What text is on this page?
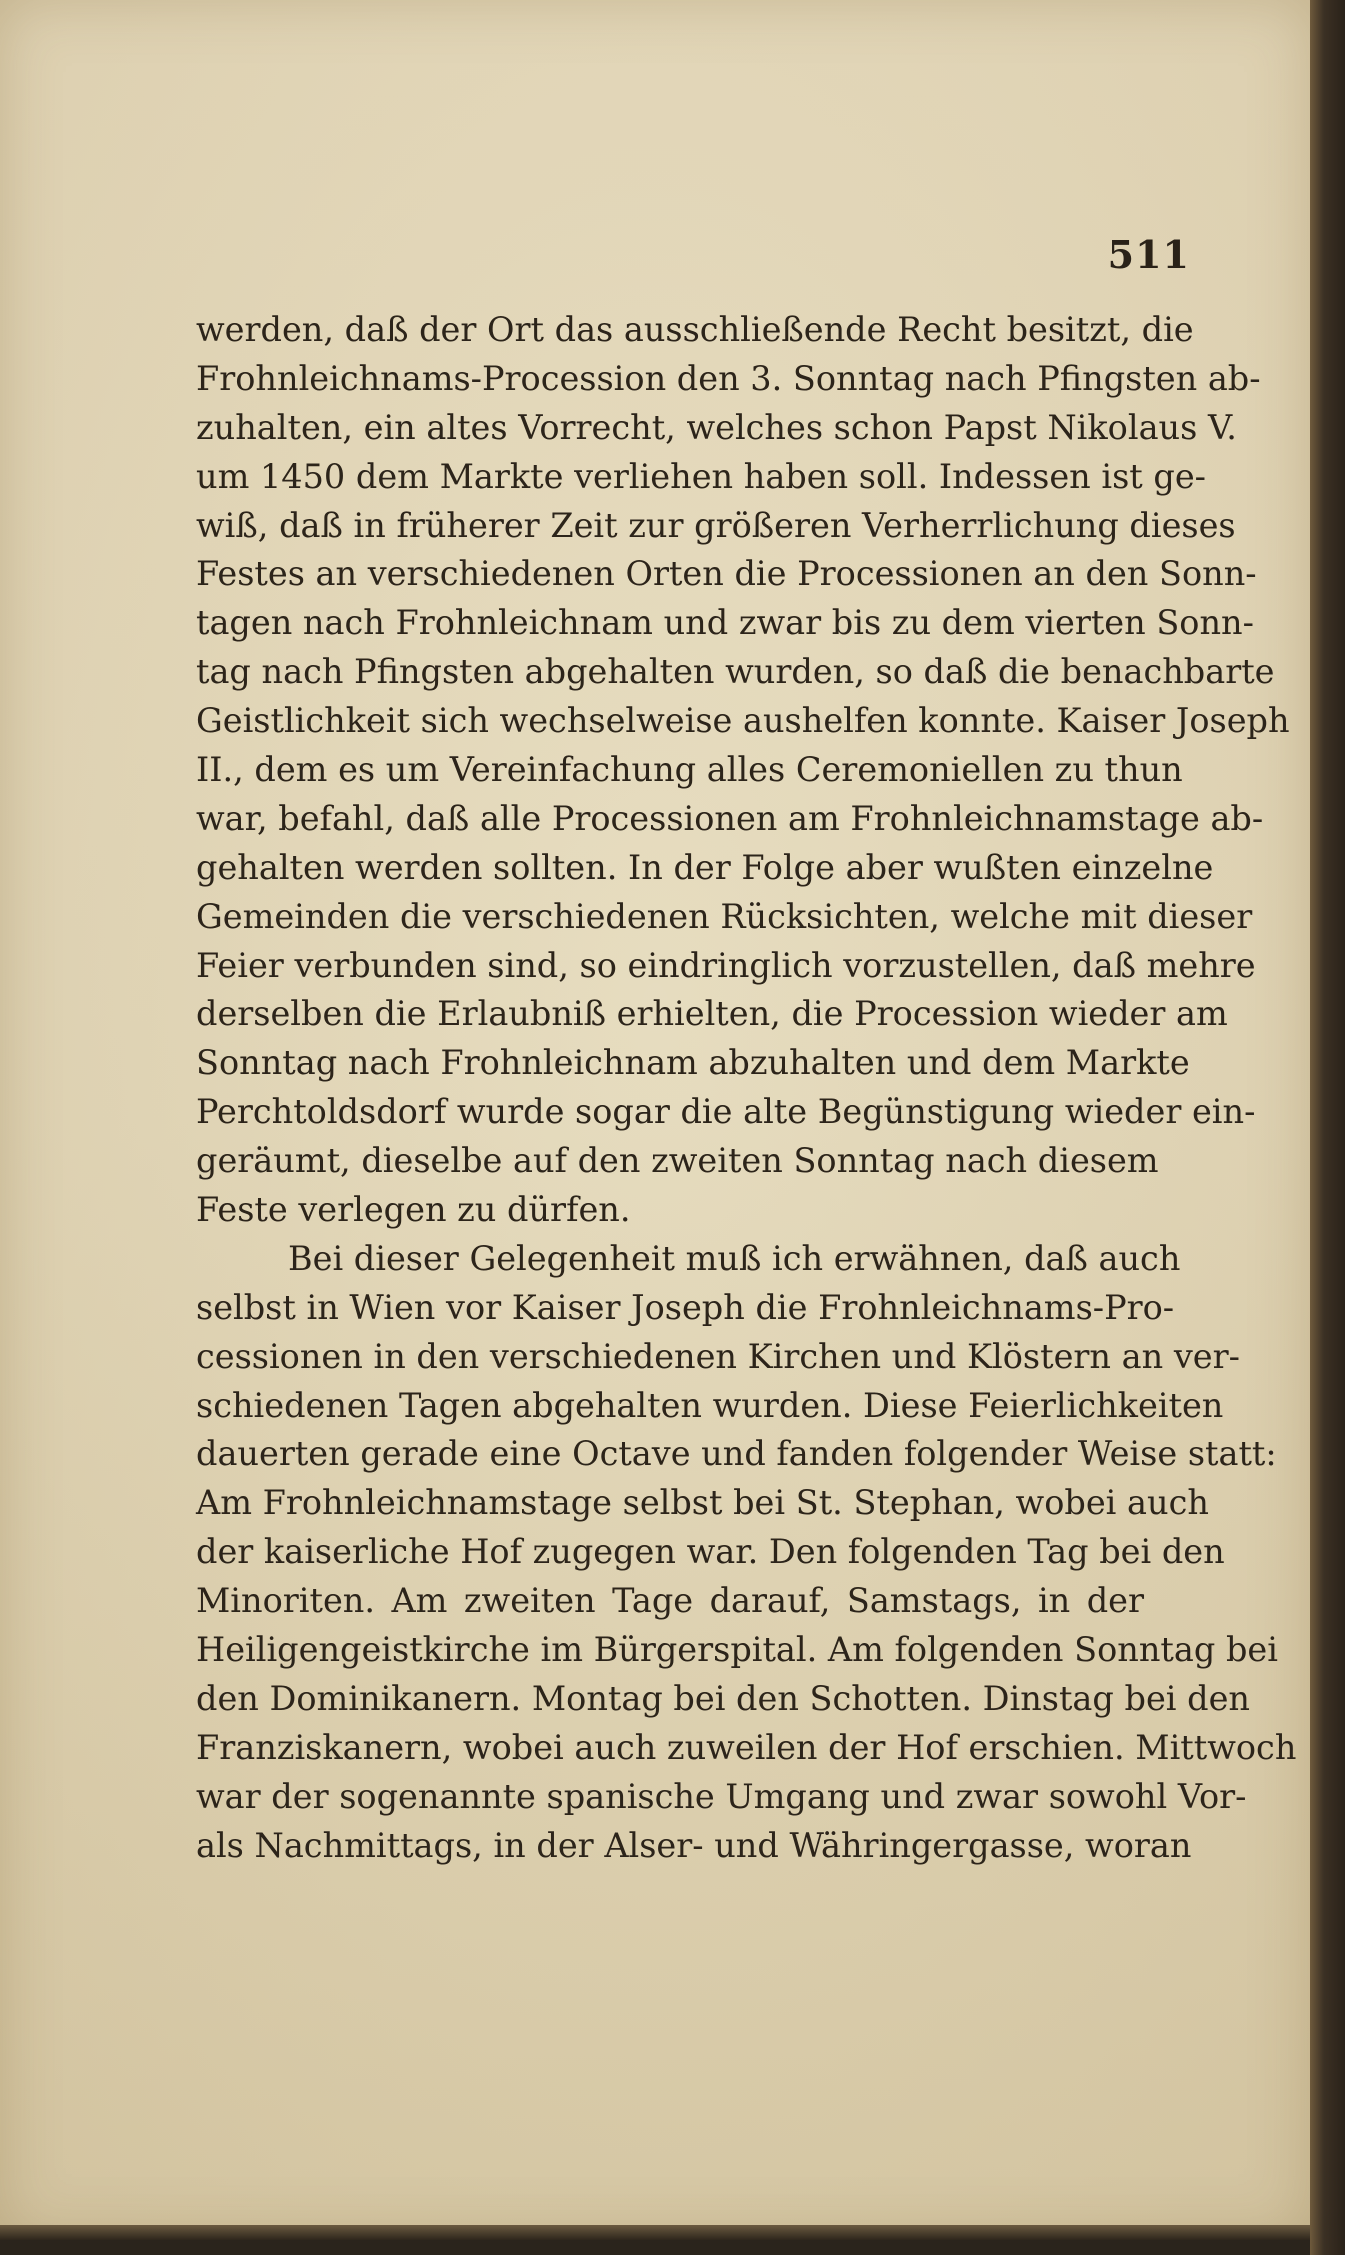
511
werden, daß der Ort das ausschließende Recht besitzt, die
Frohnleichnams-Procession den 3. Sonntag nach Pfingsten ab-
zuhalten, ein altes Vorrecht, welches schon Papst Nikolaus V.
um 1450 dem Markte verliehen haben soll. Indessen ist ge-
wiß, daß in früherer Zeit zur größeren Verherrlichung dieses
Festes an verschiedenen Orten die Processionen an den Sonn-
tagen nach Frohnleichnam und zwar bis zu dem vierten Sonn-
tag nach Pfingsten abgehalten wurden, so daß die benachbarte
Geistlichkeit sich wechselweise aushelfen konnte. Kaiser Joseph
II., dem es um Vereinfachung alles Ceremoniellen zu thun
war, befahl, daß alle Processionen am Frohnleichnamstage ab-
gehalten werden sollten. In der Folge aber wußten einzelne
Gemeinden die verschiedenen Rücksichten, welche mit dieser
Feier verbunden sind, so eindringlich vorzustellen, daß mehre
derselben die Erlaubniß erhielten, die Procession wieder am
Sonntag nach Frohnleichnam abzuhalten und dem Markte
Perchtoldsdorf wurde sogar die alte Begünstigung wieder ein-
geräumt, dieselbe auf den zweiten Sonntag nach diesem
Feste verlegen zu dürfen.
Bei dieser Gelegenheit muß ich erwähnen, daß auch
selbst in Wien vor Kaiser Joseph die Frohnleichnams-Pro-
cessionen in den verschiedenen Kirchen und Klöstern an ver-
schiedenen Tagen abgehalten wurden. Diese Feierlichkeiten
dauerten gerade eine Octave und fanden folgender Weise statt:
Am Frohnleichnamstage selbst bei St. Stephan, wobei auch
der kaiserliche Hof zugegen war. Den folgenden Tag bei den
Minoriten. Am zweiten Tage darauf, Samstags, in der
Heiligengeistkirche im Bürgerspital. Am folgenden Sonntag bei
den Dominikanern. Montag bei den Schotten. Dinstag bei den
Franziskanern, wobei auch zuweilen der Hof erschien. Mittwoch
war der sogenannte spanische Umgang und zwar sowohl Vor-
als Nachmittags, in der Alser- und Währingergasse, woran
